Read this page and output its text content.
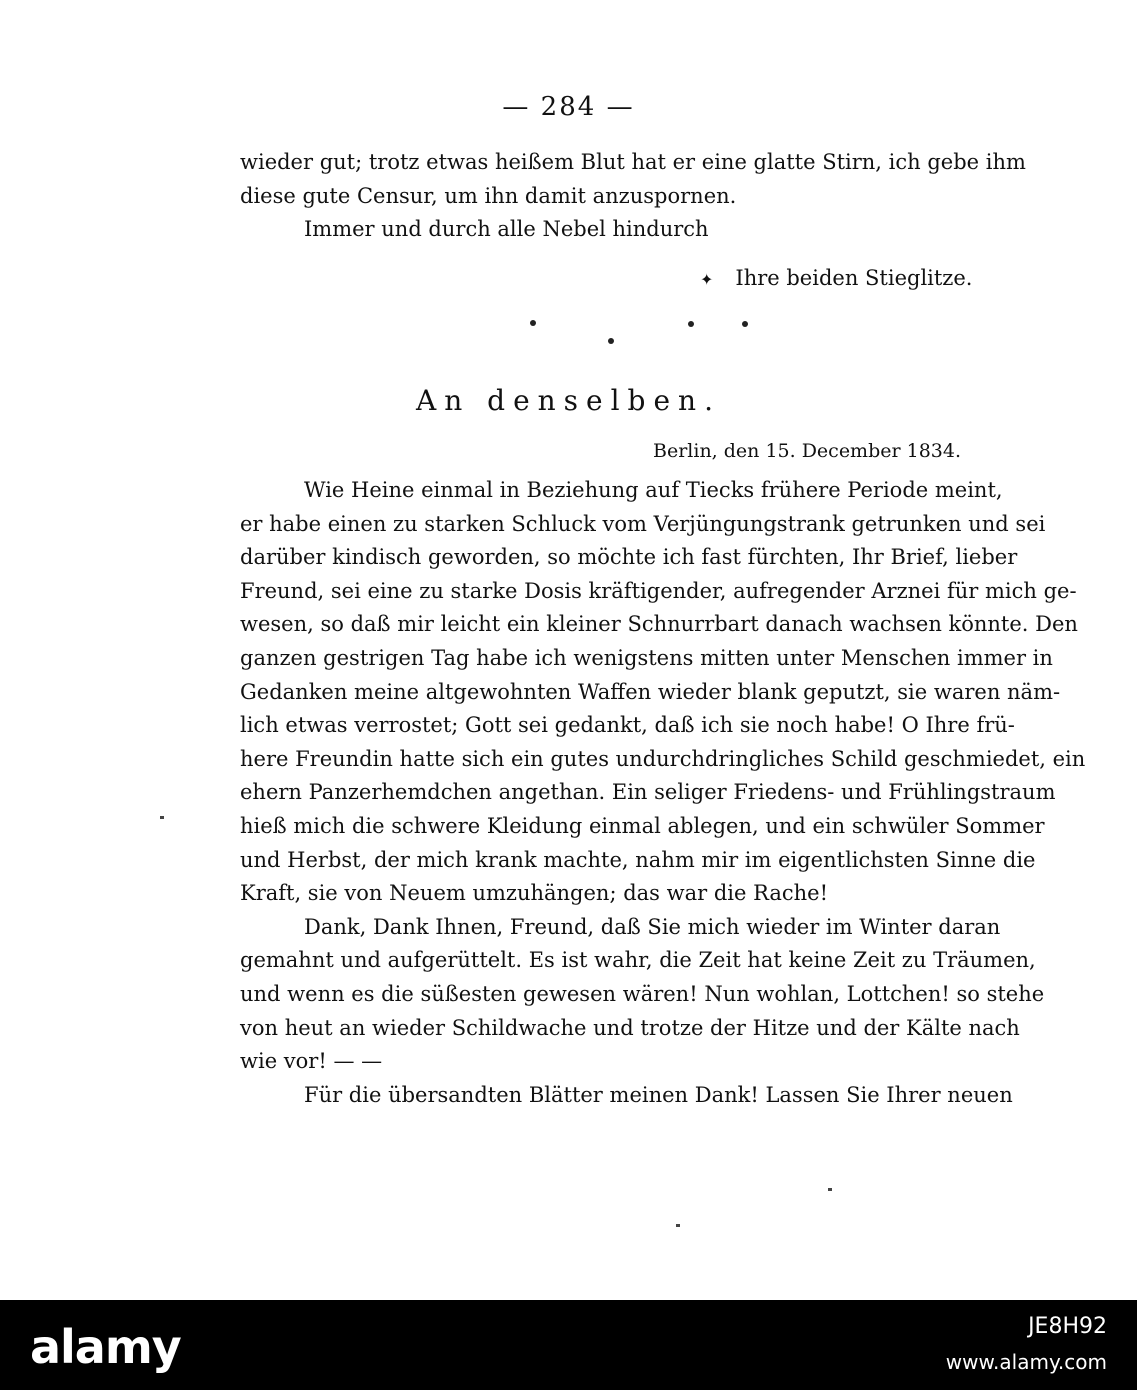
— 284 —
wieder gut; trotz etwas heißem Blut hat er eine glatte Stirn, ich gebe ihm
diese gute Censur, um ihn damit anzuspornen.
Immer und durch alle Nebel hindurch
✦ Ihre beiden Stieglitze.
An denselben.
Berlin, den 15. December 1834.
Wie Heine einmal in Beziehung auf Tiecks frühere Periode meint,
er habe einen zu starken Schluck vom Verjüngungstrank getrunken und sei
darüber kindisch geworden, so möchte ich fast fürchten, Ihr Brief, lieber
Freund, sei eine zu starke Dosis kräftigender, aufregender Arznei für mich ge-
wesen, so daß mir leicht ein kleiner Schnurrbart danach wachsen könnte. Den
ganzen gestrigen Tag habe ich wenigstens mitten unter Menschen immer in
Gedanken meine altgewohnten Waffen wieder blank geputzt, sie waren näm-
lich etwas verrostet; Gott sei gedankt, daß ich sie noch habe! O Ihre frü-
here Freundin hatte sich ein gutes undurchdringliches Schild geschmiedet, ein
ehern Panzerhemdchen angethan. Ein seliger Friedens- und Frühlingstraum
hieß mich die schwere Kleidung einmal ablegen, und ein schwüler Sommer
und Herbst, der mich krank machte, nahm mir im eigentlichsten Sinne die
Kraft, sie von Neuem umzuhängen; das war die Rache!
Dank, Dank Ihnen, Freund, daß Sie mich wieder im Winter daran
gemahnt und aufgerüttelt. Es ist wahr, die Zeit hat keine Zeit zu Träumen,
und wenn es die süßesten gewesen wären! Nun wohlan, Lottchen! so stehe
von heut an wieder Schildwache und trotze der Hitze und der Kälte nach
wie vor! — —
Für die übersandten Blätter meinen Dank! Lassen Sie Ihrer neuen
alamy	JE8H92
www.alamy.com
